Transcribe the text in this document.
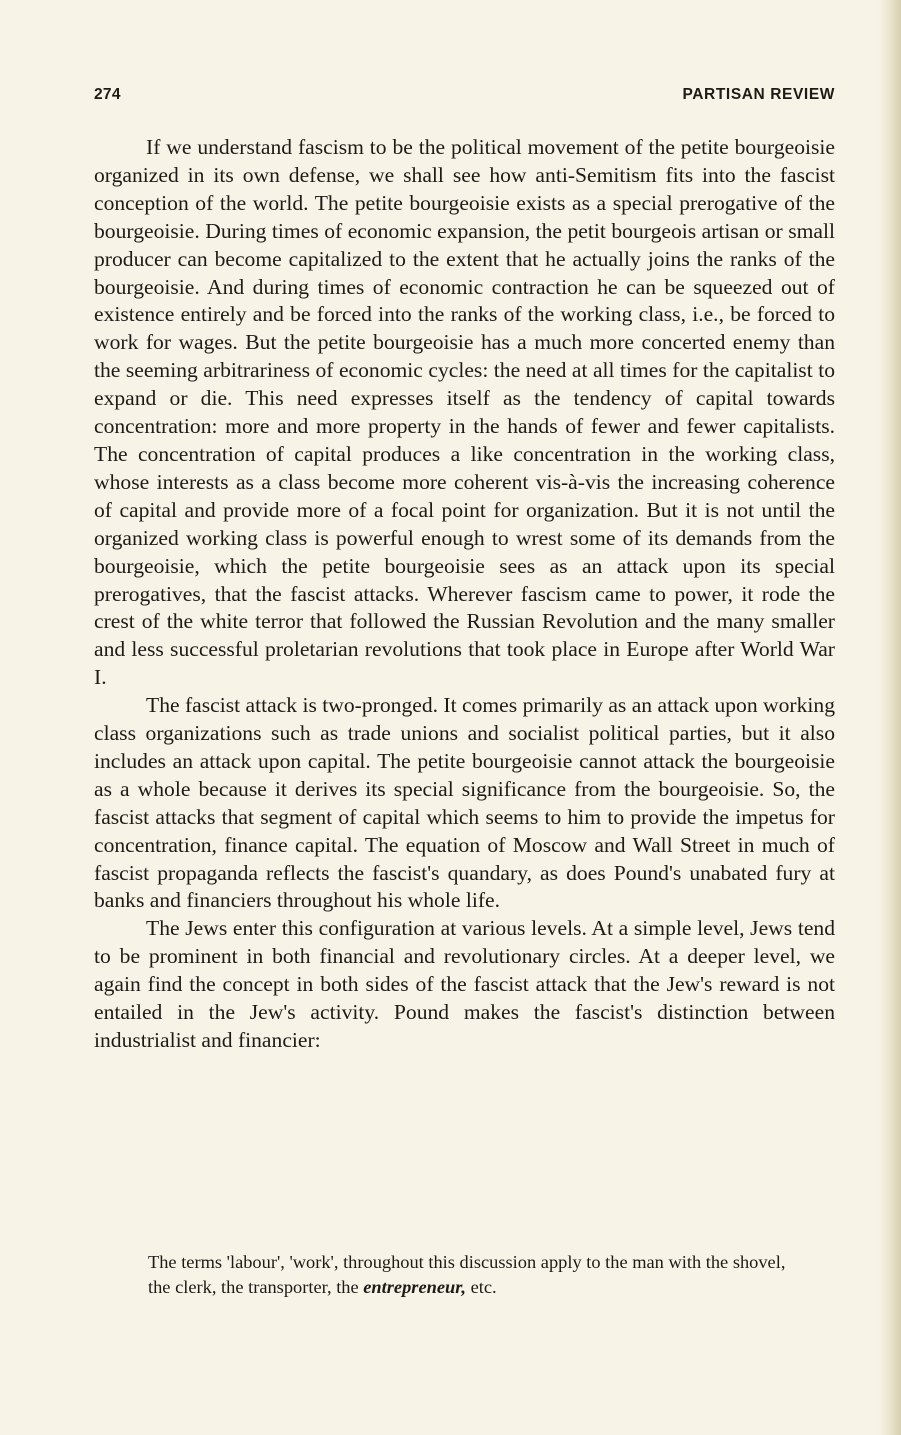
274	PARTISAN REVIEW

If we understand fascism to be the political movement of the petite bourgeoisie organized in its own defense, we shall see how anti-Semitism fits into the fascist conception of the world. The petite bourgeoisie exists as a special prerogative of the bourgeoisie. During times of economic expansion, the petit bourgeois artisan or small producer can become capitalized to the extent that he actually joins the ranks of the bourgeoisie. And during times of economic contraction he can be squeezed out of existence entirely and be forced into the ranks of the working class, i.e., be forced to work for wages. But the petite bourgeoisie has a much more concerted enemy than the seeming arbitrariness of economic cycles: the need at all times for the capitalist to expand or die. This need expresses itself as the tendency of capital towards concentration: more and more property in the hands of fewer and fewer capitalists. The concentration of capital produces a like concentration in the working class, whose interests as a class become more coherent vis-à-vis the increasing coherence of capital and provide more of a focal point for organization. But it is not until the organized working class is powerful enough to wrest some of its demands from the bourgeoisie, which the petite bourgeoisie sees as an attack upon its special prerogatives, that the fascist attacks. Wherever fascism came to power, it rode the crest of the white terror that followed the Russian Revolution and the many smaller and less successful proletarian revolutions that took place in Europe after World War I.

The fascist attack is two-pronged. It comes primarily as an attack upon working class organizations such as trade unions and socialist political parties, but it also includes an attack upon capital. The petite bourgeoisie cannot attack the bourgeoisie as a whole because it derives its special significance from the bourgeoisie. So, the fascist attacks that segment of capital which seems to him to provide the impetus for concentration, finance capital. The equation of Moscow and Wall Street in much of fascist propaganda reflects the fascist's quandary, as does Pound's unabated fury at banks and financiers throughout his whole life.

The Jews enter this configuration at various levels. At a simple level, Jews tend to be prominent in both financial and revolutionary circles. At a deeper level, we again find the concept in both sides of the fascist attack that the Jew's reward is not entailed in the Jew's activity. Pound makes the fascist's distinction between industrialist and financier:

The terms 'labour', 'work', throughout this discussion apply to the man with the shovel, the clerk, the transporter, the entrepreneur, etc.
